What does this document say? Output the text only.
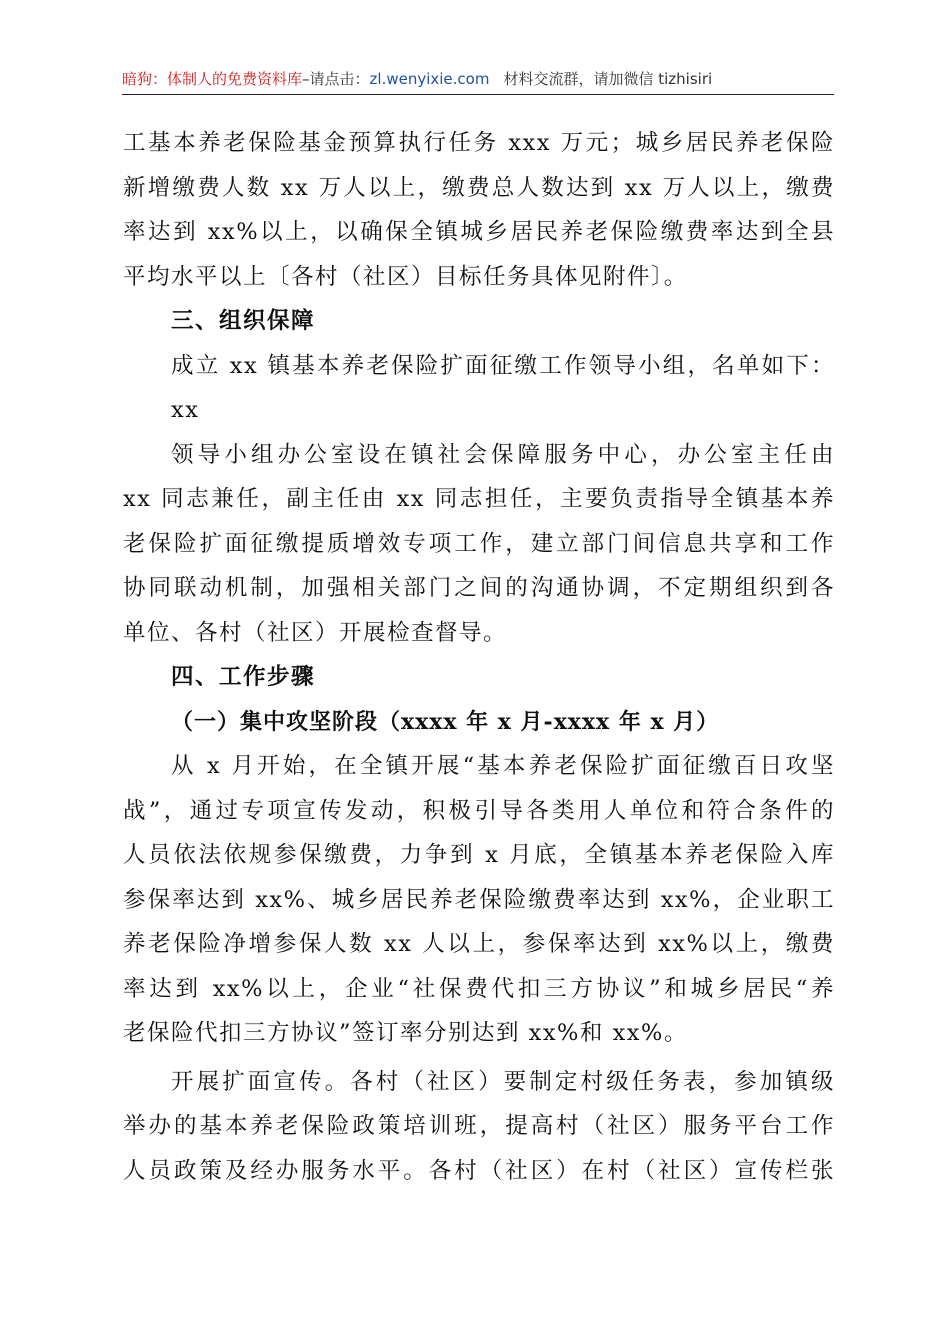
暗狗：体制人的免费资料库–请点击：zl.wenyixie.com 材料交流群，请加微信 tizhisiri

工基本养老保险基金预算执行任务 xxx 万元；城乡居民养老保险

新增缴费人数 xx 万人以上，缴费总人数达到 xx 万人以上，缴费

率达到 xx%以上，以确保全镇城乡居民养老保险缴费率达到全县

平均水平以上〔各村（社区）目标任务具体见附件〕。

三、组织保障

成立 xx 镇基本养老保险扩面征缴工作领导小组，名单如下：

xx

领导小组办公室设在镇社会保障服务中心，办公室主任由

xx 同志兼任，副主任由 xx 同志担任，主要负责指导全镇基本养

老保险扩面征缴提质增效专项工作，建立部门间信息共享和工作

协同联动机制，加强相关部门之间的沟通协调，不定期组织到各

单位、各村（社区）开展检查督导。

四、工作步骤

（一）集中攻坚阶段（xxxx 年 x 月-xxxx 年 x 月）

从 x 月开始，在全镇开展“基本养老保险扩面征缴百日攻坚

战”，通过专项宣传发动，积极引导各类用人单位和符合条件的

人员依法依规参保缴费，力争到 x 月底，全镇基本养老保险入库

参保率达到 xx%、城乡居民养老保险缴费率达到 xx%，企业职工

养老保险净增参保人数 xx 人以上，参保率达到 xx%以上，缴费

率达到 xx%以上，企业“社保费代扣三方协议”和城乡居民“养

老保险代扣三方协议”签订率分别达到 xx%和 xx%。

开展扩面宣传。各村（社区）要制定村级任务表，参加镇级

举办的基本养老保险政策培训班，提高村（社区）服务平台工作

人员政策及经办服务水平。各村（社区）在村（社区）宣传栏张
